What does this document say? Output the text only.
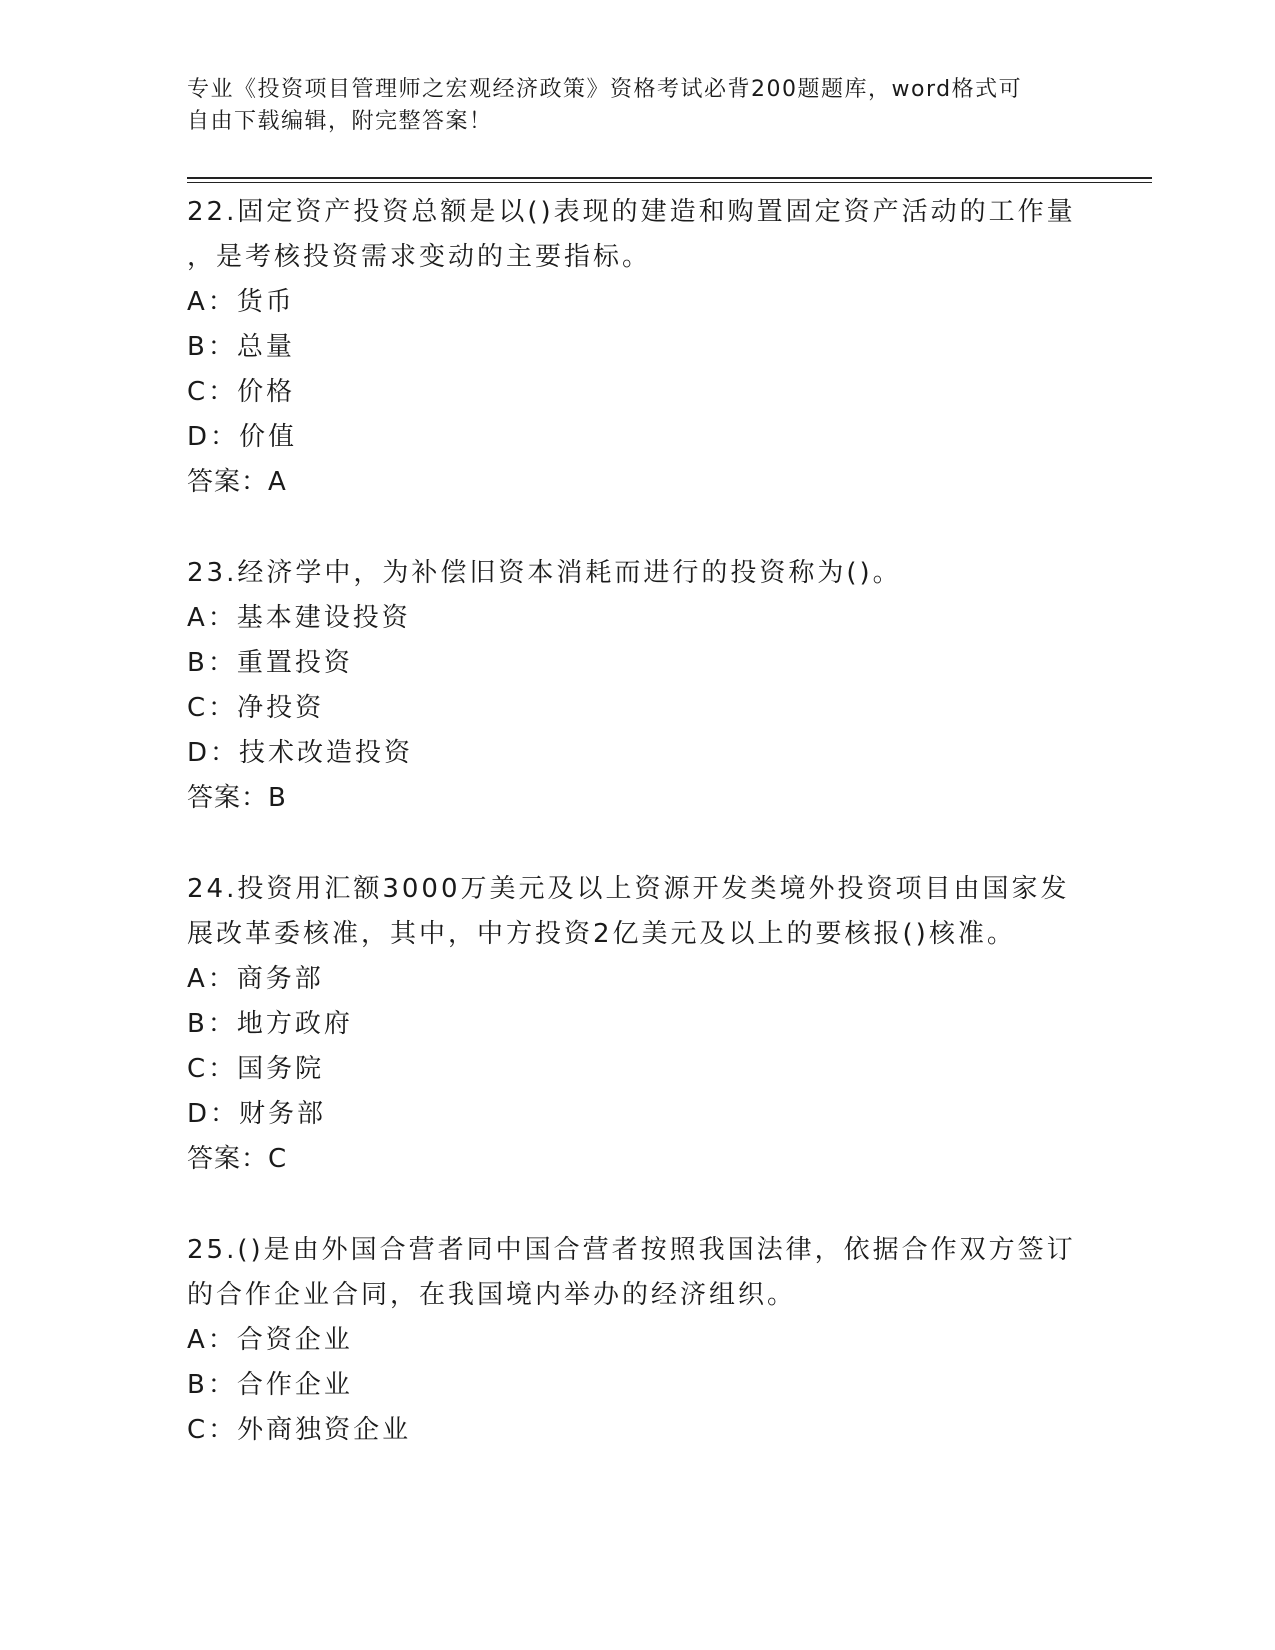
专业《投资项目管理师之宏观经济政策》资格考试必背200题题库，word格式可
自由下载编辑，附完整答案！
22.固定资产投资总额是以()表现的建造和购置固定资产活动的工作量
，是考核投资需求变动的主要指标。
A：货币
B：总量
C：价格
D：价值
答案：A
23.经济学中，为补偿旧资本消耗而进行的投资称为()。
A：基本建设投资
B：重置投资
C：净投资
D：技术改造投资
答案：B
24.投资用汇额3000万美元及以上资源开发类境外投资项目由国家发
展改革委核准，其中，中方投资2亿美元及以上的要核报()核准。
A：商务部
B：地方政府
C：国务院
D：财务部
答案：C
25.()是由外国合营者同中国合营者按照我国法律，依据合作双方签订
的合作企业合同，在我国境内举办的经济组织。
A：合资企业
B：合作企业
C：外商独资企业
